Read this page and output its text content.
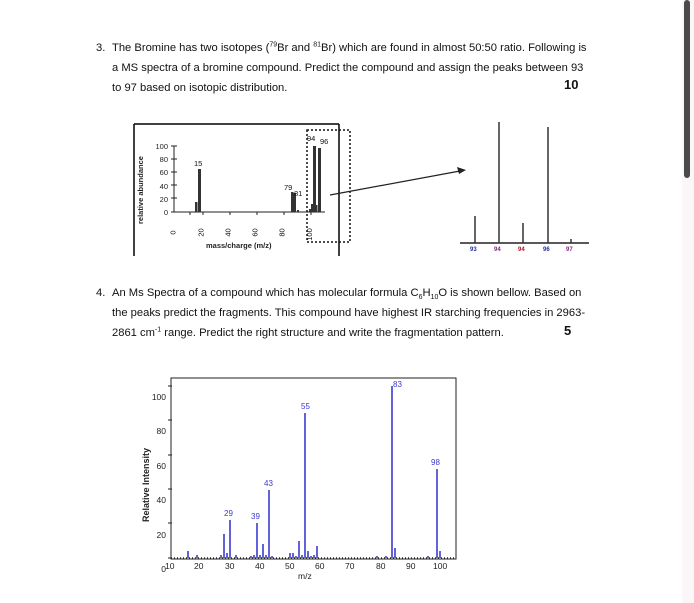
3. The Bromine has two isotopes ($^{79}$Br and $^{81}$Br) which are found in almost 50:50 ratio. Following is
a MS spectra of a bromine compound. Predict the compound and assign the peaks between 93
to 97 based on isotopic distribution.	10
relative abundance
100
80
60
40
20
0
0	20 40 60 80 100
mass/charge (m/z)
15
79
81
94 96
93	94	94	96	97
4. An Ms Spectra of a compound which has molecular formula $C_6H_{10}O$ is shown bellow. Based on
the peaks predict the fragments. This compound have highest IR starching frequencies in 2963-
2861 $cm^{-1}$ range. Predict the right structure and write the fragmentation pattern.	5
Relative Intensity
100
80
60
40
20
0 10 20	30 40 50 60 70	80 90 100
m/z
29 39
43
55
83
98
